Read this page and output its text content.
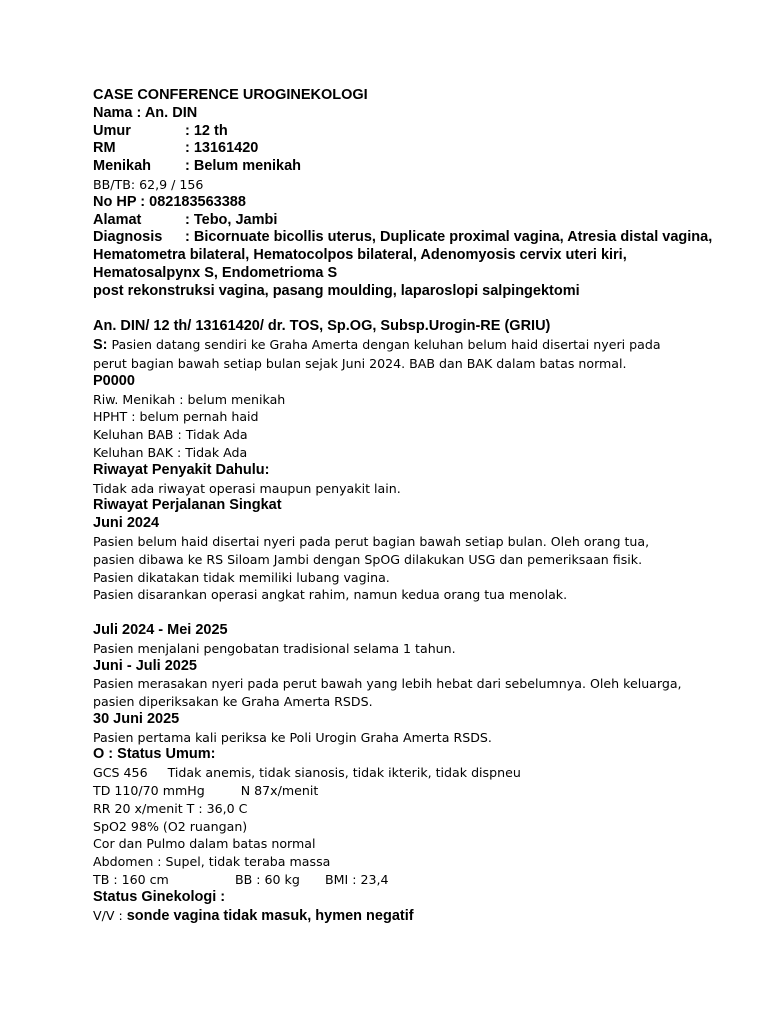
CASE CONFERENCE UROGINEKOLOGI
Nama : An. DIN
Umur	: 12 th
RM	: 13161420
Menikah : Belum menikah
BB/TB: 62,9 / 156
No HP : 082183563388
Alamat	: Tebo, Jambi
Diagnosis : Bicornuate bicollis uterus, Duplicate proximal vagina, Atresia distal vagina,
Hematometra bilateral, Hematocolpos bilateral, Adenomyosis cervix uteri kiri,
Hematosalpynx S, Endometrioma S
post rekonstruksi vagina, pasang moulding, laparoslopi salpingektomi
An. DIN/ 12 th/ 13161420/ dr. TOS, Sp.OG, Subsp.Urogin-RE (GRIU)
S: Pasien datang sendiri ke Graha Amerta dengan keluhan belum haid disertai nyeri pada perut bagian bawah setiap bulan sejak Juni 2024. BAB dan BAK dalam batas normal.
P0000
Riw. Menikah : belum menikah
HPHT : belum pernah haid
Keluhan BAB : Tidak Ada
Keluhan BAK : Tidak Ada
Riwayat Penyakit Dahulu:
Tidak ada riwayat operasi maupun penyakit lain.
Riwayat Perjalanan Singkat
Juni 2024
Pasien belum haid disertai nyeri pada perut bagian bawah setiap bulan. Oleh orang tua, pasien dibawa ke RS Siloam Jambi dengan SpOG dilakukan USG dan pemeriksaan fisik.
Pasien dikatakan tidak memiliki lubang vagina.
Pasien disarankan operasi angkat rahim, namun kedua orang tua menolak.
Juli 2024 - Mei 2025
Pasien menjalani pengobatan tradisional selama 1 tahun.
Juni - Juli 2025
Pasien merasakan nyeri pada perut bawah yang lebih hebat dari sebelumnya. Oleh keluarga, pasien diperiksakan ke Graha Amerta RSDS.
30 Juni 2025
Pasien pertama kali periksa ke Poli Urogin Graha Amerta RSDS.
O : Status Umum:
GCS 456 Tidak anemis, tidak sianosis, tidak ikterik, tidak dispneu
TD 110/70 mmHg	N 87x/menit
RR 20 x/menit T : 36,0 C
SpO2 98% (O2 ruangan)
Cor dan Pulmo dalam batas normal
Abdomen : Supel, tidak teraba massa
TB : 160 cm	BB : 60 kg BMI : 23,4
Status Ginekologi :
V/V : sonde vagina tidak masuk, hymen negatif
